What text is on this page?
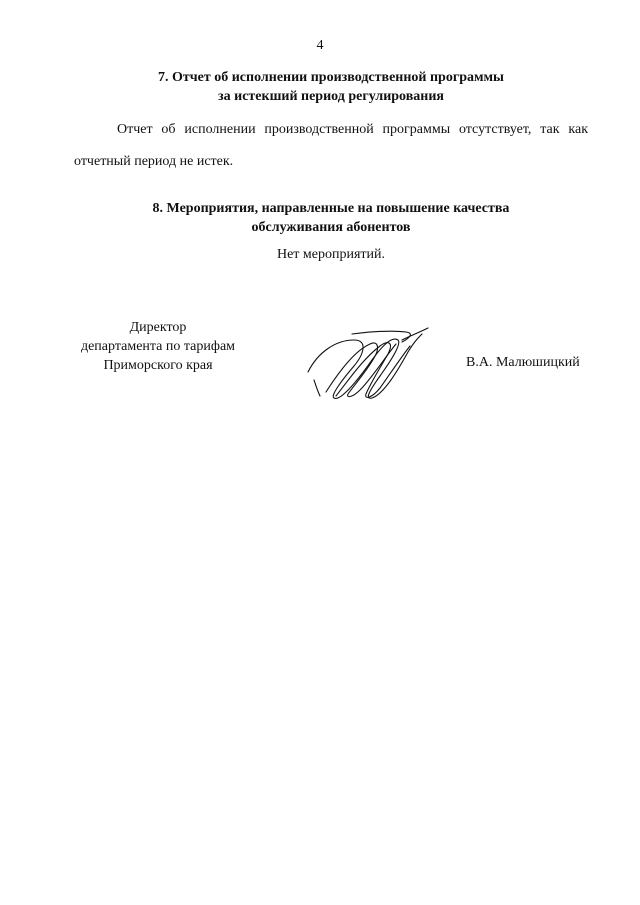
4
7. Отчет об исполнении производственной программы
за истекший период регулирования
Отчет об исполнении производственной программы отсутствует, так как отчетный период не истек.
8. Мероприятия, направленные на повышение качества
обслуживания абонентов
Нет мероприятий.
Директор
департамента по тарифам
Приморского края	В.А. Малюшицкий
